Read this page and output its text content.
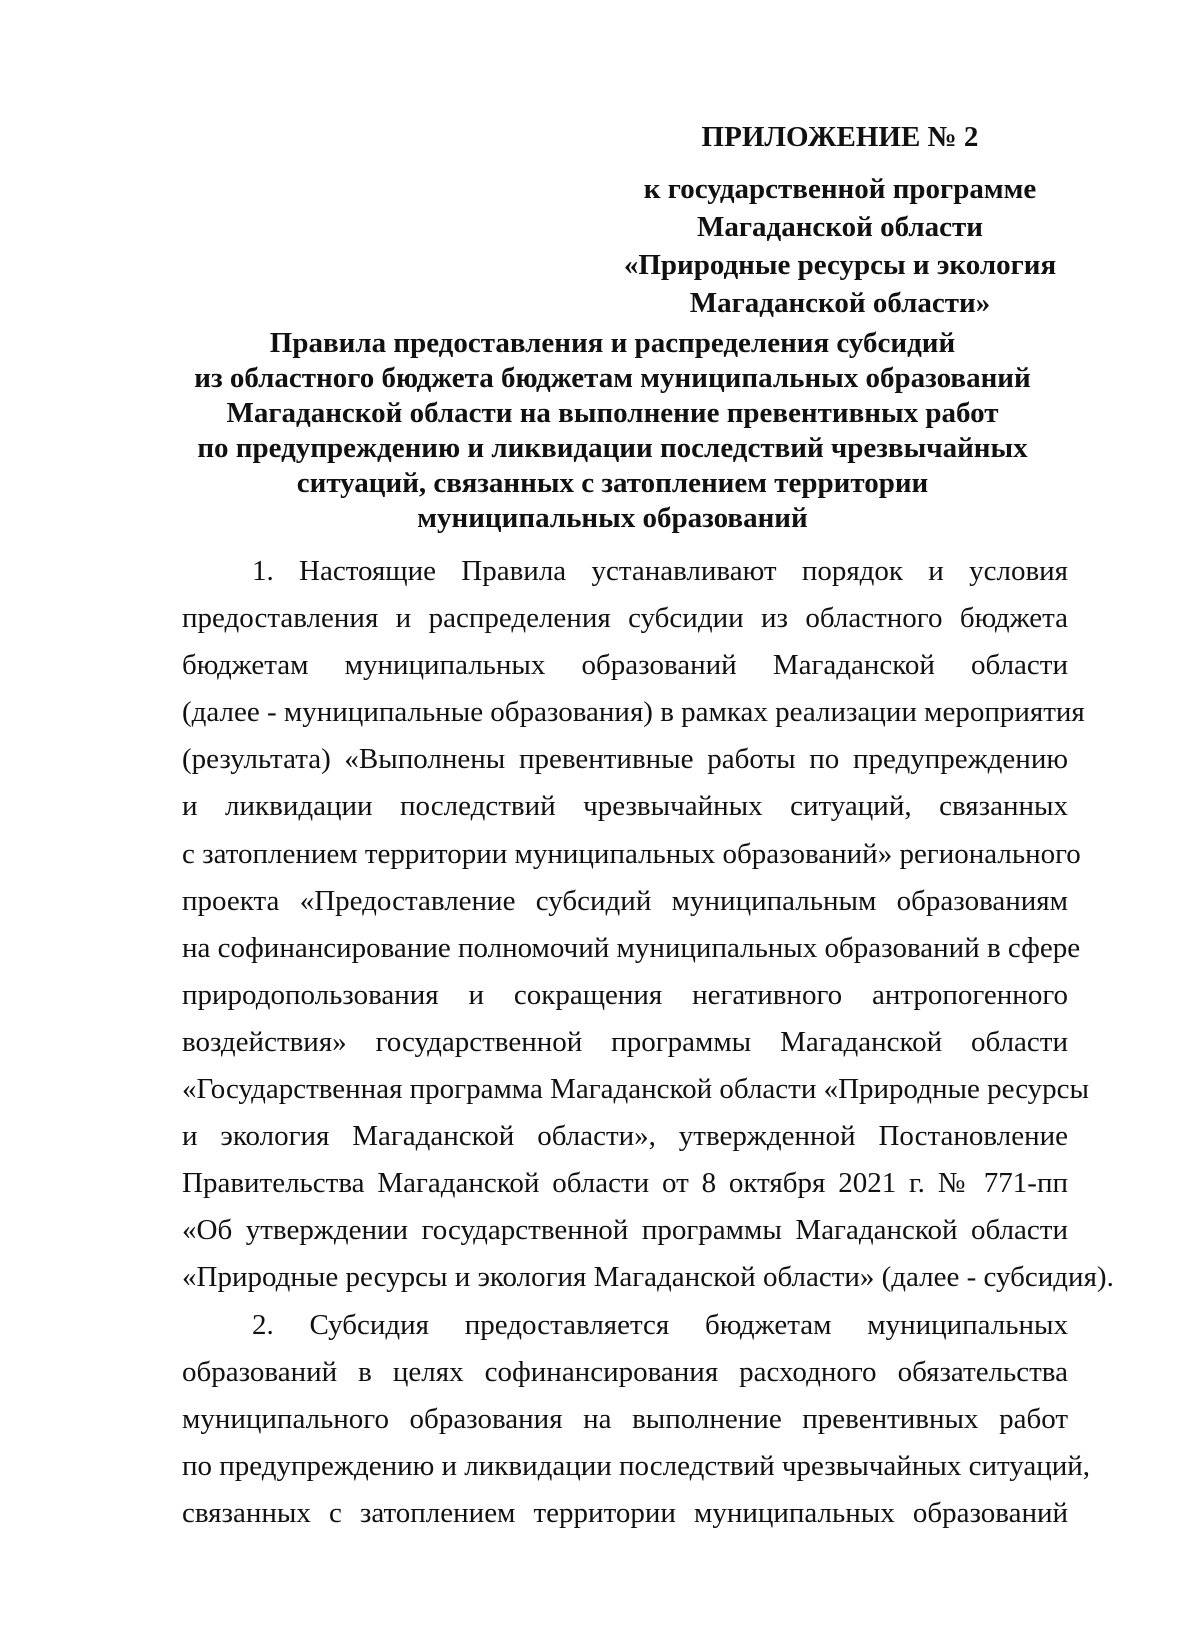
ПРИЛОЖЕНИЕ № 2
к государственной программе
Магаданской области
«Природные ресурсы и экология
Магаданской области»
Правила предоставления и распределения субсидий
из областного бюджета бюджетам муниципальных образований
Магаданской области на выполнение превентивных работ
по предупреждению и ликвидации последствий чрезвычайных
ситуаций, связанных с затоплением территории
муниципальных образований
1. Настоящие Правила устанавливают порядок и условия
предоставления и распределения субсидии из областного бюджета
бюджетам муниципальных образований Магаданской области
(далее - муниципальные образования) в рамках реализации мероприятия
(результата) «Выполнены превентивные работы по предупреждению
и ликвидации последствий чрезвычайных ситуаций, связанных
с затоплением территории муниципальных образований» регионального
проекта «Предоставление субсидий муниципальным образованиям
на софинансирование полномочий муниципальных образований в сфере
природопользования и сокращения негативного антропогенного
воздействия» государственной программы Магаданской области
«Государственная программа Магаданской области «Природные ресурсы
и экология Магаданской области», утвержденной Постановление
Правительства Магаданской области от 8 октября 2021 г. № 771-пп
«Об утверждении государственной программы Магаданской области
«Природные ресурсы и экология Магаданской области» (далее - субсидия).
2. Субсидия предоставляется бюджетам муниципальных
образований в целях софинансирования расходного обязательства
муниципального образования на выполнение превентивных работ
по предупреждению и ликвидации последствий чрезвычайных ситуаций,
связанных с затоплением территории муниципальных образований
